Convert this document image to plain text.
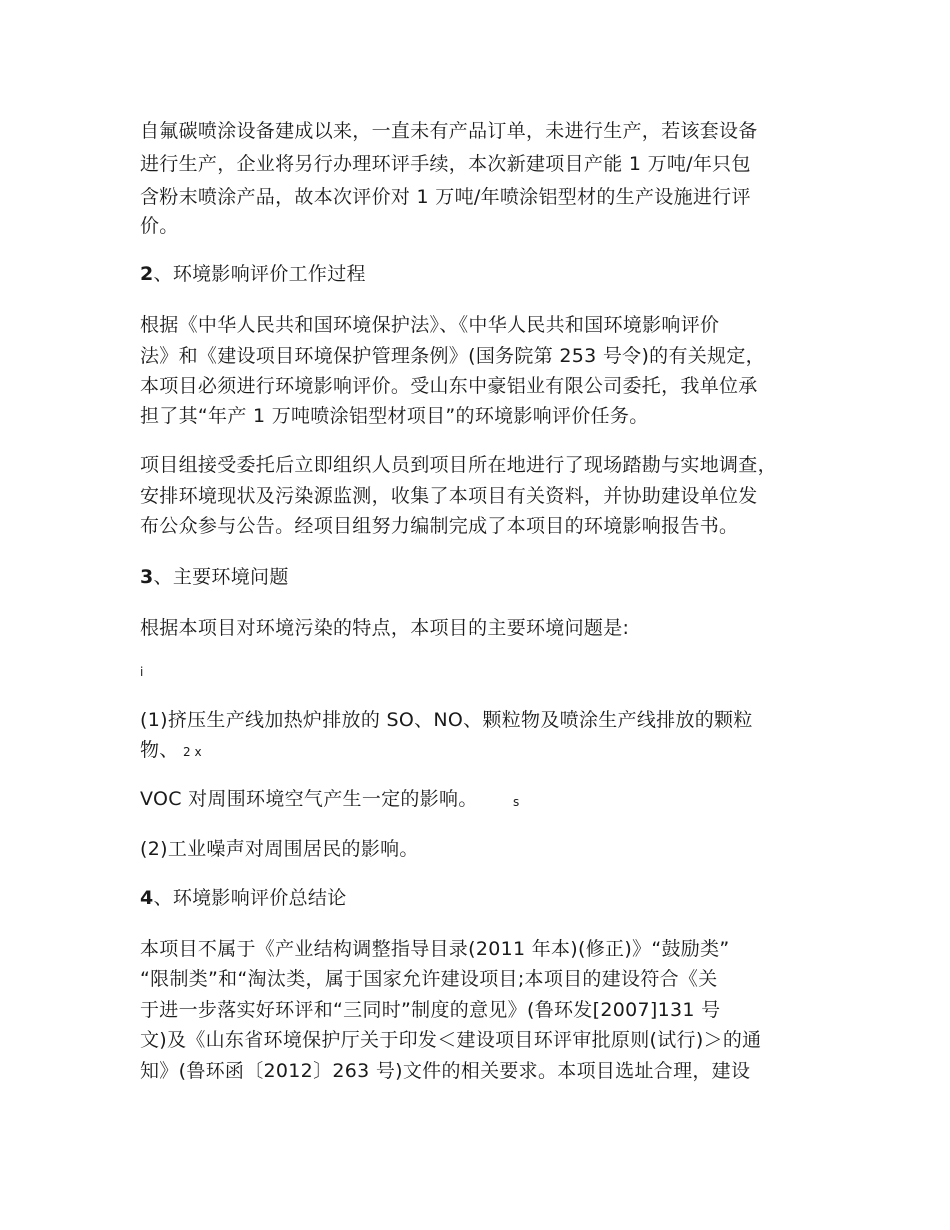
自氟碳喷涂设备建成以来，一直未有产品订单，未进行生产，若该套设备
进行生产，企业将另行办理环评手续，本次新建项目产能 1 万吨/年只包
含粉末喷涂产品，故本次评价对 1 万吨/年喷涂铝型材的生产设施进行评
价。
2、环境影响评价工作过程
根据《中华人民共和国环境保护法》、《中华人民共和国环境影响评价
法》和《建设项目环境保护管理条例》(国务院第 253 号令)的有关规定，
本项目必须进行环境影响评价。受山东中豪铝业有限公司委托，我单位承
担了其“年产 1 万吨喷涂铝型材项目”的环境影响评价任务。
项目组接受委托后立即组织人员到项目所在地进行了现场踏勘与实地调查，
安排环境现状及污染源监测，收集了本项目有关资料，并协助建设单位发
布公众参与公告。经项目组努力编制完成了本项目的环境影响报告书。
3、主要环境问题
根据本项目对环境污染的特点，本项目的主要环境问题是:
i
(1)挤压生产线加热炉排放的 SO、NO、颗粒物及喷涂生产线排放的颗粒
物、 2 x
VOC 对周围环境空气产生一定的影响。	s
(2)工业噪声对周围居民的影响。
4、环境影响评价总结论
本项目不属于《产业结构调整指导目录(2011 年本)(修正)》“鼓励类”
“限制类”和“淘汰类，属于国家允许建设项目;本项目的建设符合《关
于进一步落实好环评和“三同时”制度的意见》(鲁环发[2007]131 号
文)及《山东省环境保护厅关于印发＜建设项目环评审批原则(试行)＞的通
知》(鲁环函〔2012〕263 号)文件的相关要求。本项目选址合理，建设
